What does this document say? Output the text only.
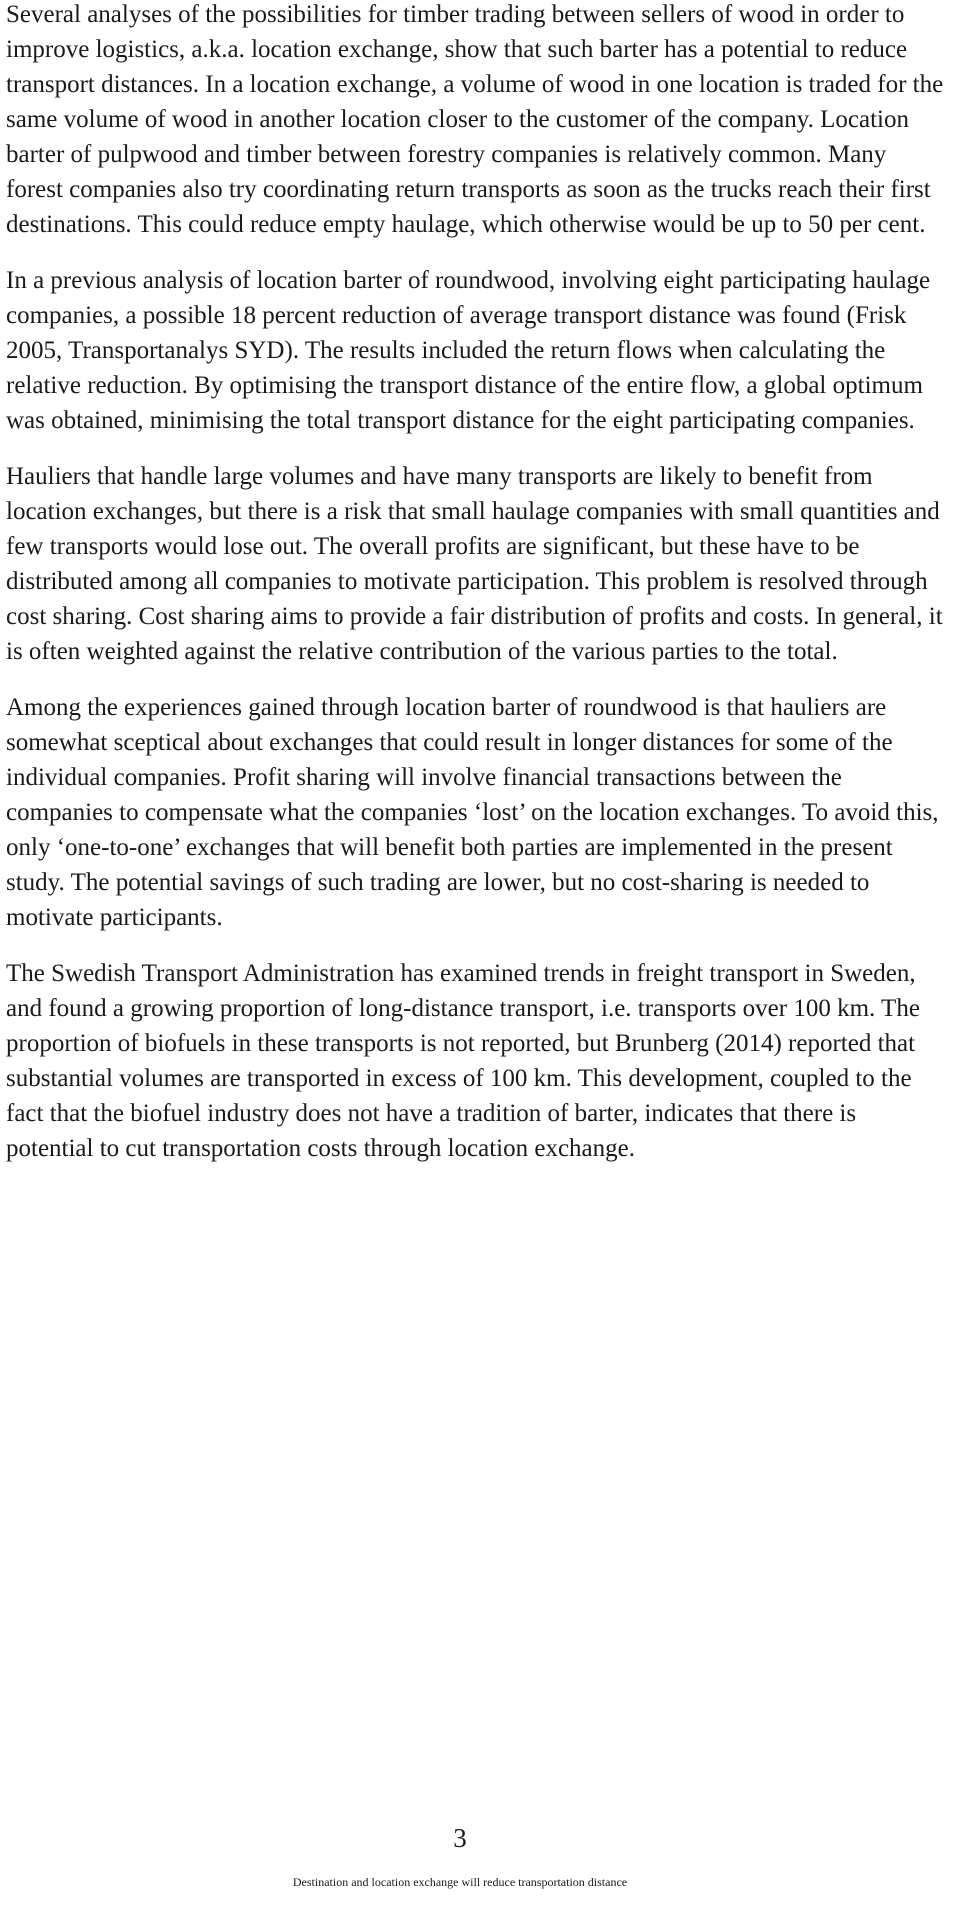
Several analyses of the possibilities for timber trading between sellers of wood in order to improve logistics, a.k.a. location exchange, show that such barter has a potential to reduce transport distances. In a location exchange, a volume of wood in one location is traded for the same volume of wood in another location closer to the customer of the company. Location barter of pulpwood and timber between forestry companies is relatively common. Many forest companies also try coordinating return transports as soon as the trucks reach their first destinations. This could reduce empty haulage, which otherwise would be up to 50 per cent.

In a previous analysis of location barter of roundwood, involving eight participating haulage companies, a possible 18 percent reduction of average transport distance was found (Frisk 2005, Transportanalys SYD). The results included the return flows when calculating the relative reduction. By optimising the transport distance of the entire flow, a global optimum was obtained, minimising the total transport distance for the eight participating companies.

Hauliers that handle large volumes and have many transports are likely to benefit from location exchanges, but there is a risk that small haulage companies with small quantities and few transports would lose out. The overall profits are significant, but these have to be distributed among all companies to motivate participation. This problem is resolved through cost sharing. Cost sharing aims to provide a fair distribution of profits and costs. In general, it is often weighted against the relative contribution of the various parties to the total.

Among the experiences gained through location barter of roundwood is that hauliers are somewhat sceptical about exchanges that could result in longer distances for some of the individual companies. Profit sharing will involve financial transactions between the companies to compensate what the companies ‘lost’ on the location exchanges. To avoid this, only ‘one-to-one’ exchanges that will benefit both parties are implemented in the present study. The potential savings of such trading are lower, but no cost-sharing is needed to motivate participants.

The Swedish Transport Administration has examined trends in freight transport in Sweden, and found a growing proportion of long-distance transport, i.e. transports over 100 km. The proportion of biofuels in these transports is not reported, but Brunberg (2014) reported that substantial volumes are transported in excess of 100 km. This development, coupled to the fact that the biofuel industry does not have a tradition of barter, indicates that there is potential to cut transportation costs through location exchange.

3
Destination and location exchange will reduce transportation distance
